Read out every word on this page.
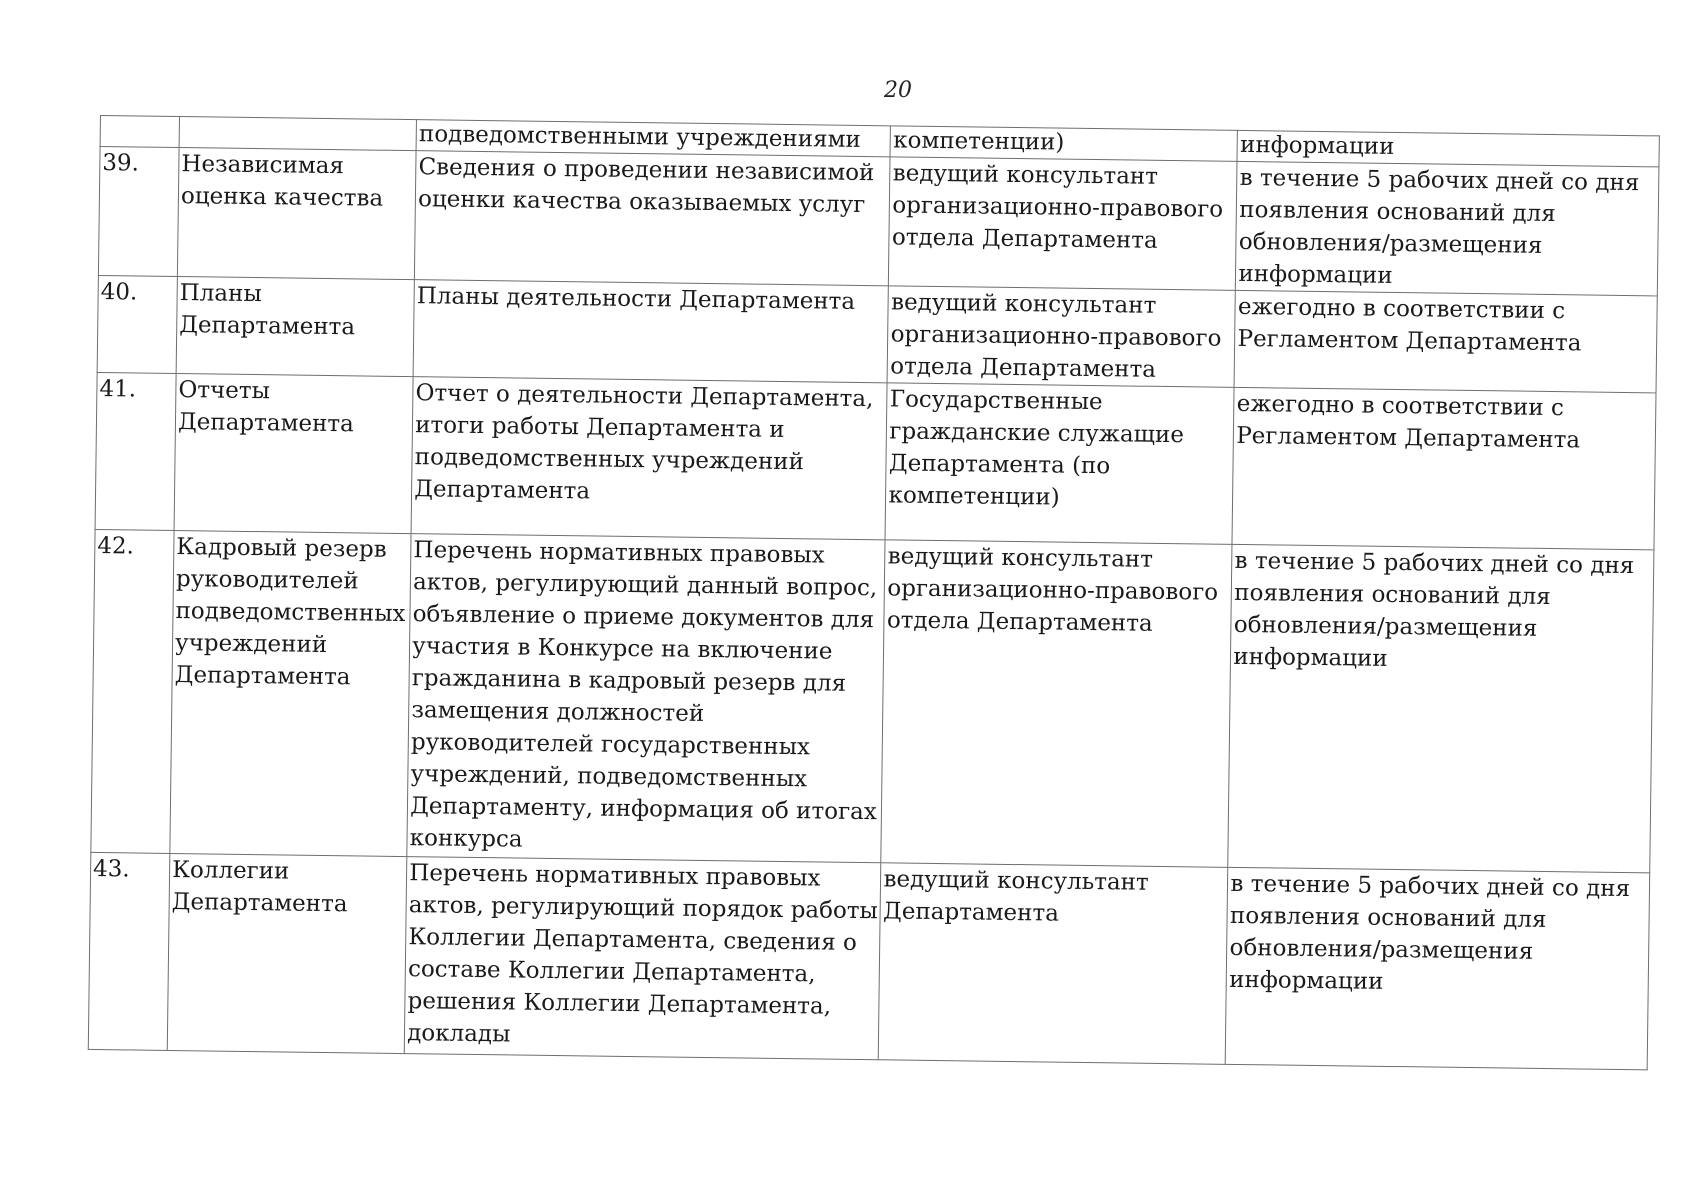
20
		подведомственными учреждениями	компетенции)	информации
39.	Независимая оценка качества	Сведения о проведении независимой оценки качества оказываемых услуг	ведущий консультант организационно-правового отдела Департамента	в течение 5 рабочих дней со дня появления оснований для обновления/размещения информации
40.	Планы Департамента	Планы деятельности Департамента	ведущий консультант организационно-правового отдела Департамента	ежегодно в соответствии с Регламентом Департамента
41.	Отчеты Департамента	Отчет о деятельности Департамента, итоги работы Департамента и подведомственных учреждений Департамента	Государственные гражданские служащие Департамента (по компетенции)	ежегодно в соответствии с Регламентом Департамента
42.	Кадровый резерв руководителей подведомственных учреждений Департамента	Перечень нормативных правовых актов, регулирующий данный вопрос, объявление о приеме документов для участия в Конкурсе на включение гражданина в кадровый резерв для замещения должностей руководителей государственных учреждений, подведомственных Департаменту, информация об итогах конкурса	ведущий консультант организационно-правового отдела Департамента	в течение 5 рабочих дней со дня появления оснований для обновления/размещения информации
43.	Коллегии Департамента	Перечень нормативных правовых актов, регулирующий порядок работы Коллегии Департамента, сведения о составе Коллегии Департамента, решения Коллегии Департамента, доклады	ведущий консультант Департамента	в течение 5 рабочих дней со дня появления оснований для обновления/размещения информации
